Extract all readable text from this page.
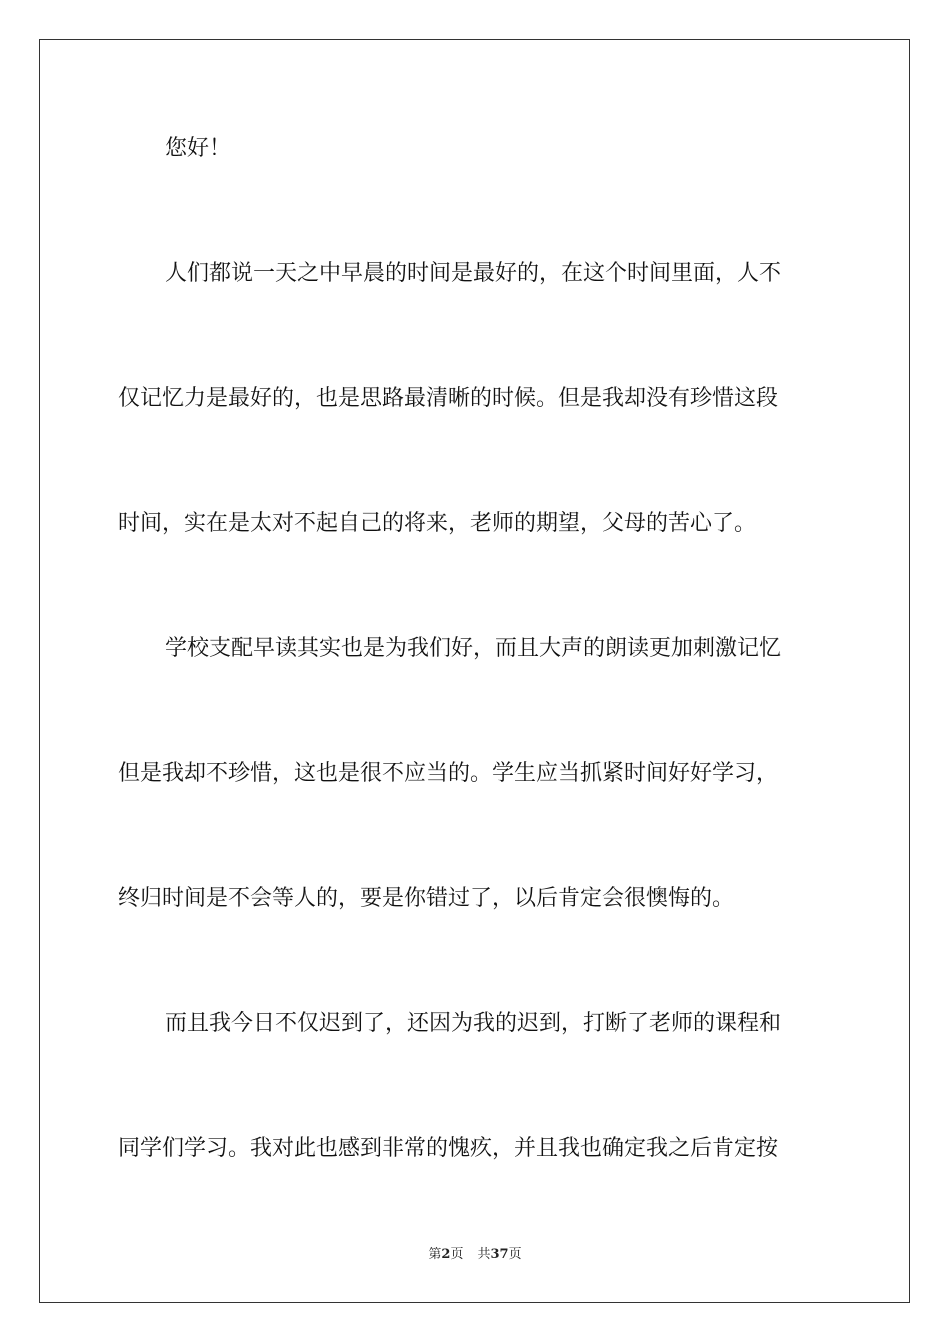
您好！
人们都说一天之中早晨的时间是最好的，在这个时间里面，人不
仅记忆力是最好的，也是思路最清晰的时候。但是我却没有珍惜这段
时间，实在是太对不起自己的将来，老师的期望，父母的苦心了。
学校支配早读其实也是为我们好，而且大声的朗读更加刺激记忆
但是我却不珍惜，这也是很不应当的。学生应当抓紧时间好好学习，
终归时间是不会等人的，要是你错过了，以后肯定会很懊悔的。
而且我今日不仅迟到了，还因为我的迟到，打断了老师的课程和
同学们学习。我对此也感到非常的愧疚，并且我也确定我之后肯定按
第2页 共37页
